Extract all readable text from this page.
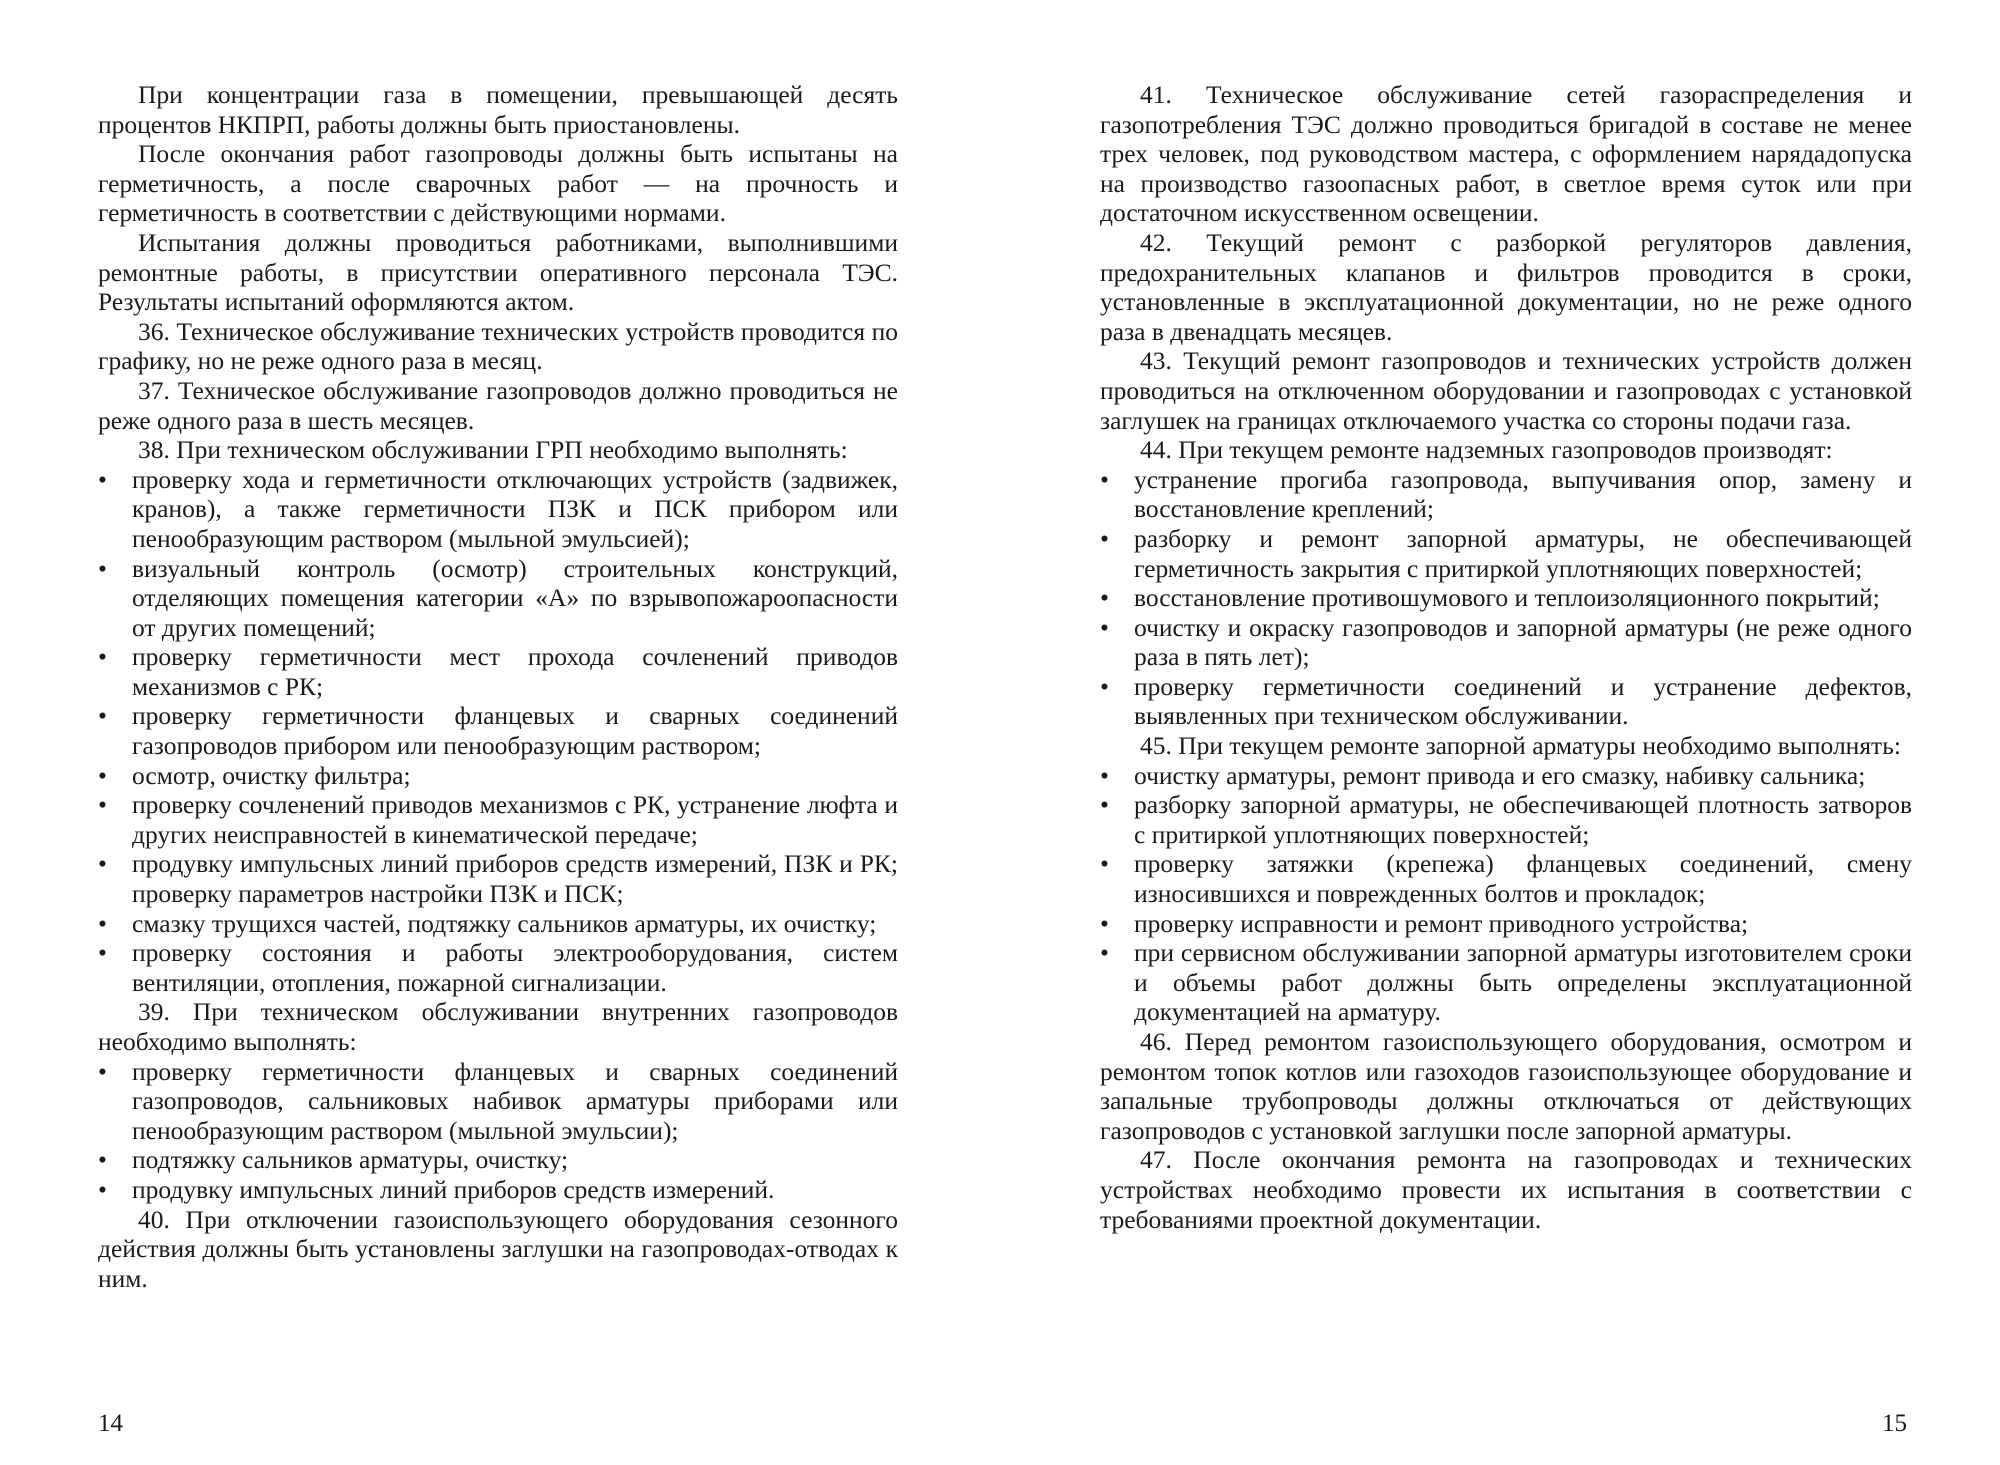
При концентрации газа в помещении, превышающей десять процентов НКПРП, работы должны быть приостановлены.

После окончания работ газопроводы должны быть испытаны на герметичность, а после сварочных работ — на прочность и герметичность в соответствии с действующими нормами.

Испытания должны проводиться работниками, выполнившими ремонтные работы, в присутствии оперативного персонала ТЭС. Результаты испытаний оформляются актом.

36. Техническое обслуживание технических устройств проводится по графику, но не реже одного раза в месяц.

37. Техническое обслуживание газопроводов должно проводиться не реже одного раза в шесть месяцев.

38. При техническом обслуживании ГРП необходимо выполнять:

• проверку хода и герметичности отключающих устройств (задвижек, кранов), а также герметичности ПЗК и ПСК прибором или пенообразующим раствором (мыльной эмульсией);

• визуальный контроль (осмотр) строительных конструкций, отделяющих помещения категории «А» по взрывопожароопасности от других помещений;

• проверку герметичности мест прохода сочленений приводов механизмов с РК;

• проверку герметичности фланцевых и сварных соединений газопроводов прибором или пенообразующим раствором;

• осмотр, очистку фильтра;

• проверку сочленений приводов механизмов с РК, устранение люфта и других неисправностей в кинематической передаче;

• продувку импульсных линий приборов средств измерений, ПЗК и РК; проверку параметров настройки ПЗК и ПСК;

• смазку трущихся частей, подтяжку сальников арматуры, их очистку;

• проверку состояния и работы электрооборудования, систем вентиляции, отопления, пожарной сигнализации.

39. При техническом обслуживании внутренних газопроводов необходимо выполнять:

• проверку герметичности фланцевых и сварных соединений газопроводов, сальниковых набивок арматуры приборами или пенообразующим раствором (мыльной эмульсии);

• подтяжку сальников арматуры, очистку;

• продувку импульсных линий приборов средств измерений.

40. При отключении газоиспользующего оборудования сезонного действия должны быть установлены заглушки на газопроводах-отводах к ним.

41. Техническое обслуживание сетей газораспределения и газопотребления ТЭС должно проводиться бригадой в составе не менее трех человек, под руководством мастера, с оформлением нарядадопуска на производство газоопасных работ, в светлое время суток или при достаточном искусственном освещении.

42. Текущий ремонт с разборкой регуляторов давления, предохранительных клапанов и фильтров проводится в сроки, установленные в эксплуатационной документации, но не реже одного раза в двенадцать месяцев.

43. Текущий ремонт газопроводов и технических устройств должен проводиться на отключенном оборудовании и газопроводах с установкой заглушек на границах отключаемого участка со стороны подачи газа.

44. При текущем ремонте надземных газопроводов производят:

• устранение прогиба газопровода, выпучивания опор, замену и восстановление креплений;

• разборку и ремонт запорной арматуры, не обеспечивающей герметичность закрытия с притиркой уплотняющих поверхностей;

• восстановление противошумового и теплоизоляционного покрытий;

• очистку и окраску газопроводов и запорной арматуры (не реже одного раза в пять лет);

• проверку герметичности соединений и устранение дефектов, выявленных при техническом обслуживании.

45. При текущем ремонте запорной арматуры необходимо выполнять:

• очистку арматуры, ремонт привода и его смазку, набивку сальника;

• разборку запорной арматуры, не обеспечивающей плотность затворов с притиркой уплотняющих поверхностей;

• проверку затяжки (крепежа) фланцевых соединений, смену износившихся и поврежденных болтов и прокладок;

• проверку исправности и ремонт приводного устройства;

• при сервисном обслуживании запорной арматуры изготовителем сроки и объемы работ должны быть определены эксплуатационной документацией на арматуру.

46. Перед ремонтом газоиспользующего оборудования, осмотром и ремонтом топок котлов или газоходов газоиспользующее оборудование и запальные трубопроводы должны отключаться от действующих газопроводов с установкой заглушки после запорной арматуры.

47. После окончания ремонта на газопроводах и технических устройствах необходимо провести их испытания в соответствии с требованиями проектной документации.

14	15
